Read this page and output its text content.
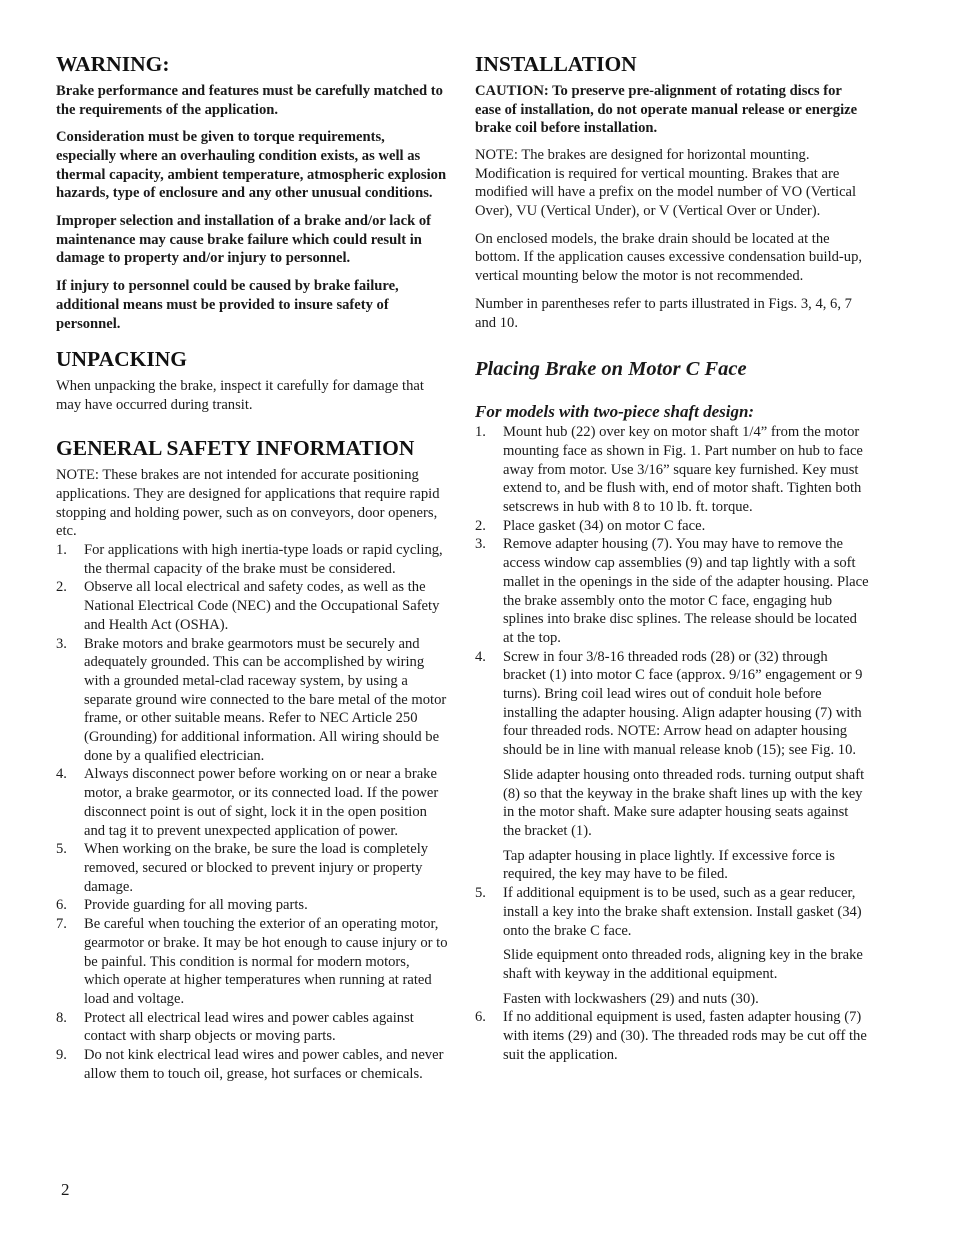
WARNING:

Brake performance and features must be carefully matched to the requirements of the application.

Consideration must be given to torque requirements, especially where an overhauling condition exists, as well as thermal capacity, ambient temperature, atmospheric explosion hazards, type of enclosure and any other unusual conditions.

Improper selection and installation of a brake and/or lack of maintenance may cause brake failure which could result in damage to property and/or injury to personnel.

If injury to personnel could be caused by brake failure, additional means must be provided to insure safety of personnel.

UNPACKING

When unpacking the brake, inspect it carefully for damage that may have occurred during transit.

GENERAL SAFETY INFORMATION

NOTE: These brakes are not intended for accurate positioning applications. They are designed for applications that require rapid stopping and holding power, such as on conveyors, door openers, etc.

1. For applications with high inertia-type loads or rapid cycling, the thermal capacity of the brake must be considered.
2. Observe all local electrical and safety codes, as well as the National Electrical Code (NEC) and the Occupational Safety and Health Act (OSHA).
3. Brake motors and brake gearmotors must be securely and adequately grounded. This can be accomplished by wiring with a grounded metal-clad raceway system, by using a separate ground wire connected to the bare metal of the motor frame, or other suitable means. Refer to NEC Article 250 (Grounding) for additional information. All wiring should be done by a qualified electrician.
4. Always disconnect power before working on or near a brake motor, a brake gearmotor, or its connected load. If the power disconnect point is out of sight, lock it in the open position and tag it to prevent unexpected application of power.
5. When working on the brake, be sure the load is completely removed, secured or blocked to prevent injury or property damage.
6. Provide guarding for all moving parts.
7. Be careful when touching the exterior of an operating motor, gearmotor or brake. It may be hot enough to cause injury or to be painful. This condition is normal for modern motors, which operate at higher temperatures when running at rated load and voltage.
8. Protect all electrical lead wires and power cables against contact with sharp objects or moving parts.
9. Do not kink electrical lead wires and power cables, and never allow them to touch oil, grease, hot surfaces or chemicals.
INSTALLATION

CAUTION: To preserve pre-alignment of rotating discs for ease of installation, do not operate manual release or energize brake coil before installation.

NOTE: The brakes are designed for horizontal mounting. Modification is required for vertical mounting. Brakes that are modified will have a prefix on the model number of VO (Vertical Over), VU (Vertical Under), or V (Vertical Over or Under).

On enclosed models, the brake drain should be located at the bottom. If the application causes excessive condensation build-up, vertical mounting below the motor is not recommended.

Number in parentheses refer to parts illustrated in Figs. 3, 4, 6, 7 and 10.

Placing Brake on Motor C Face
For models with two-piece shaft design:
1. Mount hub (22) over key on motor shaft 1/4” from the motor mounting face as shown in Fig. 1. Part number on hub to face away from motor. Use 3/16” square key furnished. Key must extend to, and be flush with, end of motor shaft. Tighten both setscrews in hub with 8 to 10 lb. ft. torque.
2. Place gasket (34) on motor C face.
3. Remove adapter housing (7). You may have to remove the access window cap assemblies (9) and tap lightly with a soft mallet in the openings in the side of the adapter housing. Place the brake assembly onto the motor C face, engaging hub splines into brake disc splines. The release should be located at the top.
4. Screw in four 3/8-16 threaded rods (28) or (32) through bracket (1) into motor C face (approx. 9/16” engagement or 9 turns). Bring coil lead wires out of conduit hole before installing the adapter housing. Align adapter housing (7) with four threaded rods. NOTE: Arrow head on adapter housing should be in line with manual release knob (15); see Fig. 10.

Slide adapter housing onto threaded rods. turning output shaft (8) so that the keyway in the brake shaft lines up with the key in the motor shaft. Make sure adapter housing seats against the bracket (1).

Tap adapter housing in place lightly. If excessive force is required, the key may have to be filed.

5. If additional equipment is to be used, such as a gear reducer, install a key into the brake shaft extension. Install gasket (34) onto the brake C face.

Slide equipment onto threaded rods, aligning key in the brake shaft with keyway in the additional equipment.

Fasten with lockwashers (29) and nuts (30).

6. If no additional equipment is used, fasten adapter housing (7) with items (29) and (30). The threaded rods may be cut off the suit the application.
2
